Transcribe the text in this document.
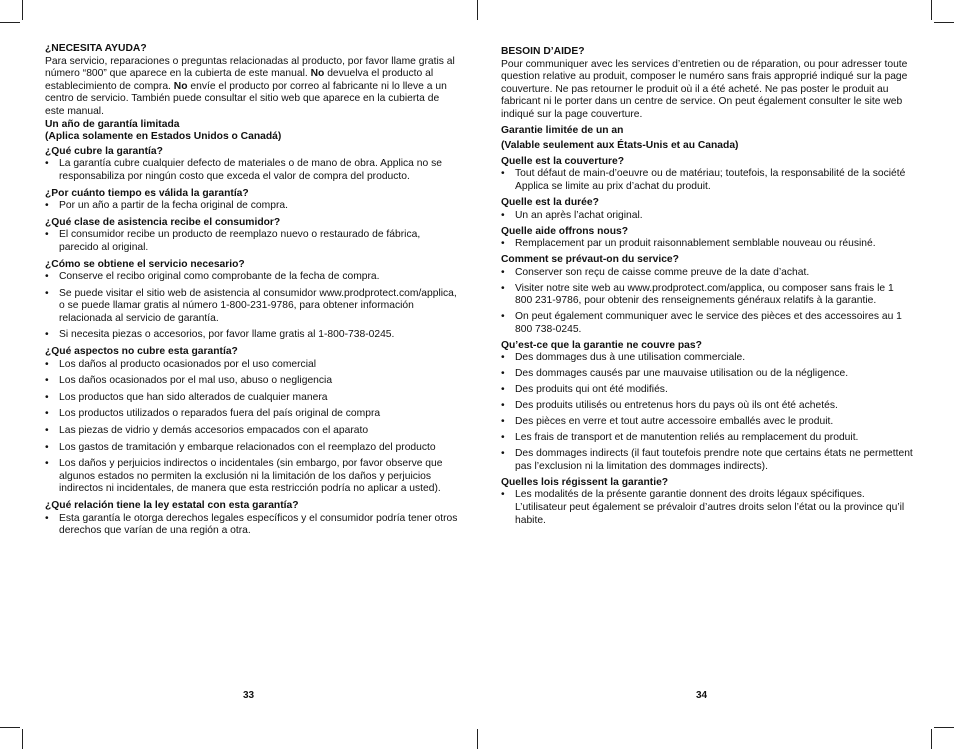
¿NECESITA AYUDA?

Para servicio, reparaciones o preguntas relacionadas al producto, por favor llame gratis al número “800” que aparece en la cubierta de este manual. No devuelva el producto al establecimiento de compra. No envíe el producto por correo al fabricante ni lo lleve a un centro de servicio. También puede consultar el sitio web que aparece en la cubierta de este manual.

Un año de garantía limitada

(Aplica solamente en Estados Unidos o Canadá)

¿Qué cubre la garantía?

• La garantía cubre cualquier defecto de materiales o de mano de obra. Applica no se responsabiliza por ningún costo que exceda el valor de compra del producto.

¿Por cuánto tiempo es válida la garantía?

• Por un año a partir de la fecha original de compra.

¿Qué clase de asistencia recibe el consumidor?

• El consumidor recibe un producto de reemplazo nuevo o restaurado de fábrica, parecido al original.

¿Cómo se obtiene el servicio necesario?

• Conserve el recibo original como comprobante de la fecha de compra.
• Se puede visitar el sitio web de asistencia al consumidor www.prodprotect.com/applica, o se puede llamar gratis al número 1-800-231-9786, para obtener información relacionada al servicio de garantía.
• Si necesita piezas o accesorios, por favor llame gratis al 1-800-738-0245.

¿Qué aspectos no cubre esta garantía?

• Los daños al producto ocasionados por el uso comercial
• Los daños ocasionados por el mal uso, abuso o negligencia
• Los productos que han sido alterados de cualquier manera
• Los productos utilizados o reparados fuera del país original de compra
• Las piezas de vidrio y demás accesorios empacados con el aparato
• Los gastos de tramitación y embarque relacionados con el reemplazo del producto
• Los daños y perjuicios indirectos o incidentales (sin embargo, por favor observe que algunos estados no permiten la exclusión ni la limitación de los daños y perjuicios indirectos ni incidentales, de manera que esta restricción podría no aplicar a usted).

¿Qué relación tiene la ley estatal con esta garantía?

• Esta garantía le otorga derechos legales específicos y el consumidor podría tener otros derechos que varían de una región a otra.
33

BESOIN D’AIDE?

Pour communiquer avec les services d’entretien ou de réparation, ou pour adresser toute question relative au produit, composer le numéro sans frais approprié indiqué sur la page couverture. Ne pas retourner le produit où il a été acheté. Ne pas poster le produit au fabricant ni le porter dans un centre de service. On peut également consulter le site web indiqué sur la page couverture.

Garantie limitée de un an

(Valable seulement aux États-Unis et au Canada)

Quelle est la couverture?

• Tout défaut de main-d’oeuvre ou de matériau; toutefois, la responsabilité de la société Applica se limite au prix d’achat du produit.

Quelle est la durée?

• Un an après l’achat original.

Quelle aide offrons nous?

• Remplacement par un produit raisonnablement semblable nouveau ou réusiné.

Comment se prévaut-on du service?

• Conserver son reçu de caisse comme preuve de la date d’achat.
• Visiter notre site web au www.prodprotect.com/applica, ou composer sans frais le 1 800 231-9786, pour obtenir des renseignements généraux relatifs à la garantie.
• On peut également communiquer avec le service des pièces et des accessoires au 1 800 738-0245.

Qu’est-ce que la garantie ne couvre pas?

• Des dommages dus à une utilisation commerciale.
• Des dommages causés par une mauvaise utilisation ou de la négligence.
• Des produits qui ont été modifiés.
• Des produits utilisés ou entretenus hors du pays où ils ont été achetés.
• Des pièces en verre et tout autre accessoire emballés avec le produit.
• Les frais de transport et de manutention reliés au remplacement du produit.
• Des dommages indirects (il faut toutefois prendre note que certains états ne permettent pas l’exclusion ni la limitation des dommages indirects).

Quelles lois régissent la garantie?

• Les modalités de la présente garantie donnent des droits légaux spécifiques. L’utilisateur peut également se prévaloir d’autres droits selon l’état ou la province qu’il habite.
34
